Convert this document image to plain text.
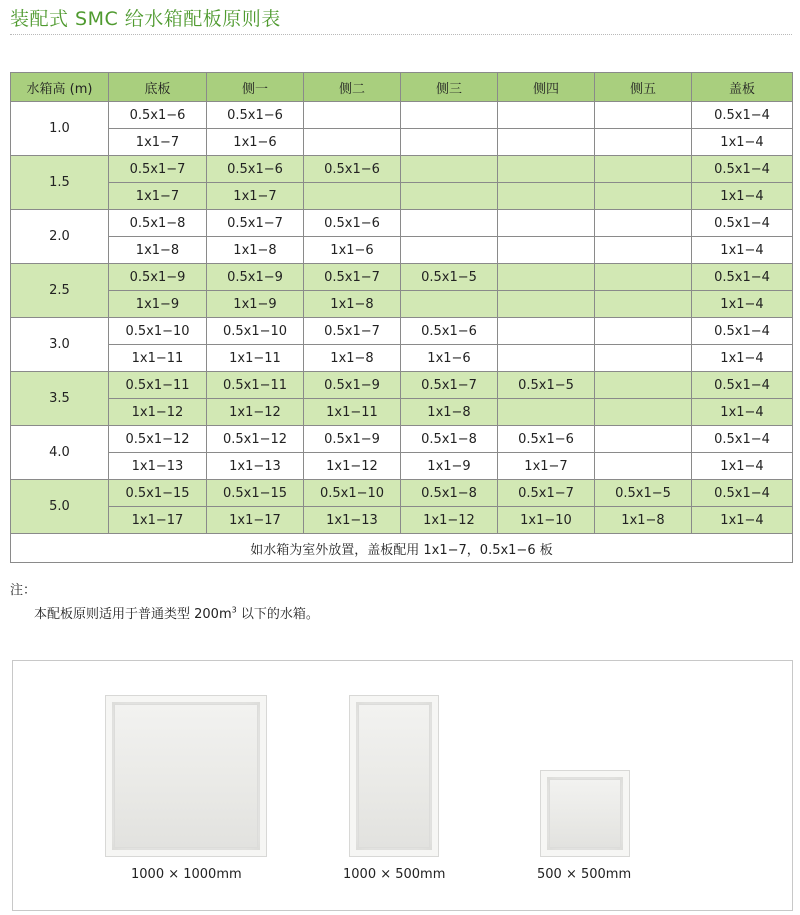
装配式 SMC 给水箱配板原则表
水箱高 (m)	底板	侧一	侧二	侧三	侧四	侧五	盖板
1.0	0.5x1−6	0.5x1−6					0.5x1−4
	1x1−7	1x1−6					1x1−4
1.5	0.5x1−7	0.5x1−6	0.5x1−6				0.5x1−4
	1x1−7	1x1−7					1x1−4
2.0	0.5x1−8	0.5x1−7	0.5x1−6				0.5x1−4
	1x1−8	1x1−8	1x1−6				1x1−4
2.5	0.5x1−9	0.5x1−9	0.5x1−7	0.5x1−5			0.5x1−4
	1x1−9	1x1−9	1x1−8				1x1−4
3.0	0.5x1−10	0.5x1−10	0.5x1−7	0.5x1−6			0.5x1−4
	1x1−11	1x1−11	1x1−8	1x1−6			1x1−4
3.5	0.5x1−11	0.5x1−11	0.5x1−9	0.5x1−7	0.5x1−5		0.5x1−4
	1x1−12	1x1−12	1x1−11	1x1−8			1x1−4
4.0	0.5x1−12	0.5x1−12	0.5x1−9	0.5x1−8	0.5x1−6		0.5x1−4
	1x1−13	1x1−13	1x1−12	1x1−9	1x1−7		1x1−4
5.0	0.5x1−15	0.5x1−15	0.5x1−10	0.5x1−8	0.5x1−7	0.5x1−5	0.5x1−4
	1x1−17	1x1−17	1x1−13	1x1−12	1x1−10	1x1−8	1x1−4
如水箱为室外放置，盖板配用 1x1−7，0.5x1−6 板							
注：
本配板原则适用于普通类型 $200m^3$ 以下的水箱。
1000 × 1000mm	1000 × 500mm	500 × 500mm
